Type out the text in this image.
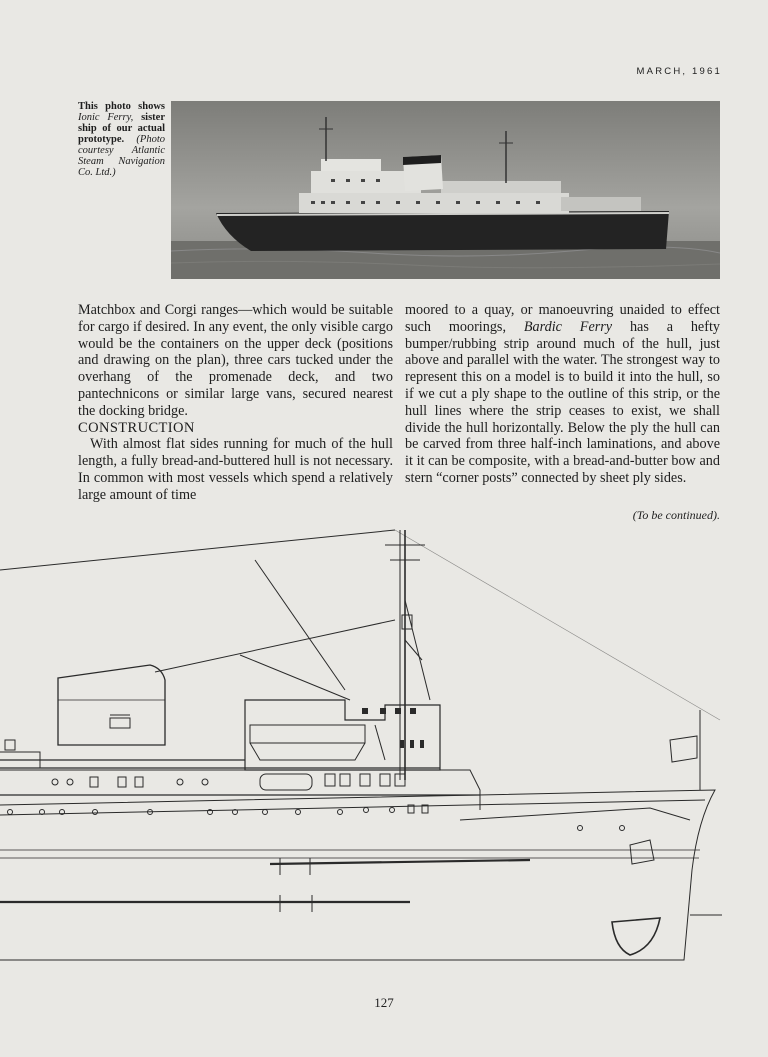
MARCH, 1961
This photo shows Ionic Ferry, sister ship of our actual prototype. (Photo courtesy Atlantic Steam Navigation Co. Ltd.)

Matchbox and Corgi ranges—which would be suitable for cargo if desired. In any event, the only visible cargo would be the containers on the upper deck (positions and drawing on the plan), three cars tucked under the overhang of the promenade deck, and two pantechnicons or similar large vans, secured nearest the docking bridge.

CONSTRUCTION

With almost flat sides running for much of the hull length, a fully bread-and-buttered hull is not necessary. In common with most vessels which spend a relatively large amount of time

moored to a quay, or manoeuvring unaided to effect such moorings, Bardic Ferry has a hefty bumper/rubbing strip around much of the hull, just above and parallel with the water. The strongest way to represent this on a model is to build it into the hull, so if we cut a ply shape to the outline of this strip, or the hull lines where the strip ceases to exist, we shall divide the hull horizontally. Below the ply the hull can be carved from three half-inch laminations, and above it it can be composite, with a bread-and-butter bow and stern “corner posts” connected by sheet ply sides.

(To be continued).
127
